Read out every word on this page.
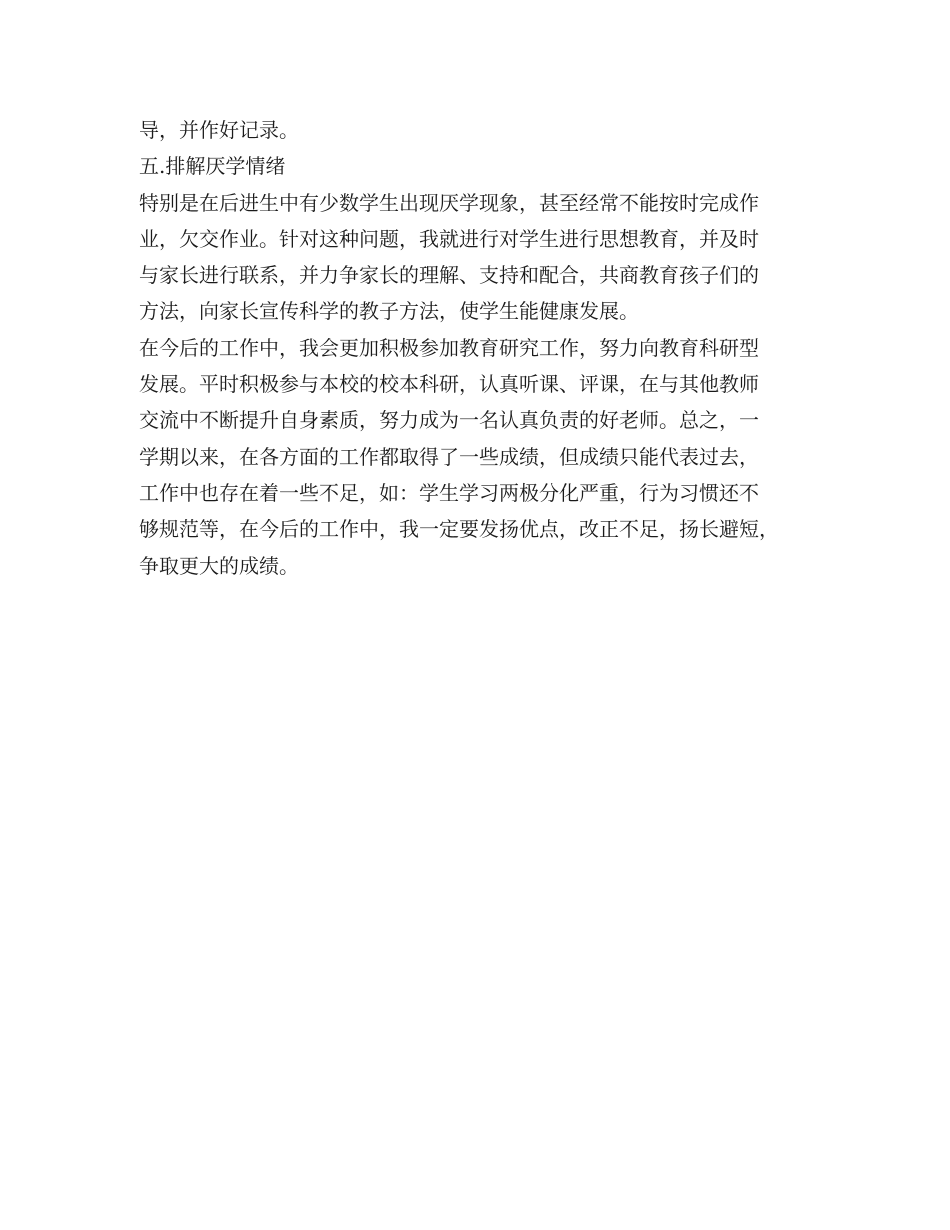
导，并作好记录。
五.排解厌学情绪
特别是在后进生中有少数学生出现厌学现象，甚至经常不能按时完成作
业，欠交作业。针对这种问题，我就进行对学生进行思想教育，并及时
与家长进行联系，并力争家长的理解、支持和配合，共商教育孩子们的
方法，向家长宣传科学的教子方法，使学生能健康发展。
在今后的工作中，我会更加积极参加教育研究工作，努力向教育科研型
发展。平时积极参与本校的校本科研，认真听课、评课，在与其他教师
交流中不断提升自身素质，努力成为一名认真负责的好老师。总之，一
学期以来，在各方面的工作都取得了一些成绩，但成绩只能代表过去，
工作中也存在着一些不足，如：学生学习两极分化严重，行为习惯还不
够规范等，在今后的工作中，我一定要发扬优点，改正不足，扬长避短，
争取更大的成绩。
